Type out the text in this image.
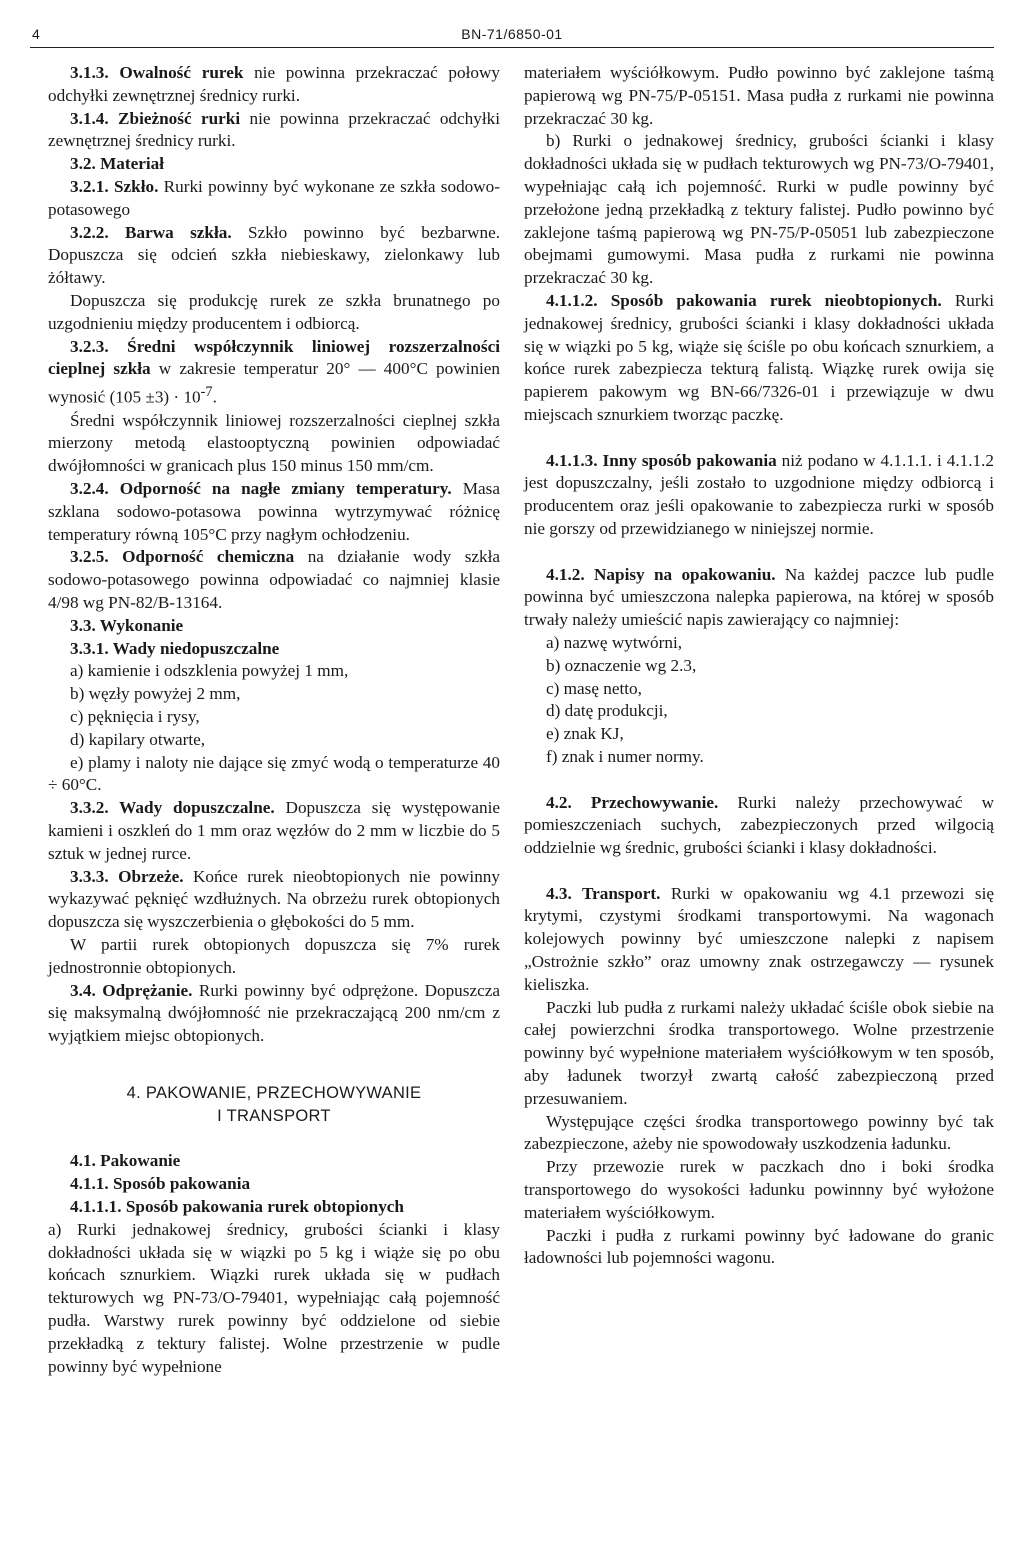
4	BN-71/6850-01

3.1.3. Owalność rurek nie powinna przekraczać połowy odchyłki zewnętrznej średnicy rurki.

3.1.4. Zbieżność rurki nie powinna przekraczać odchyłki zewnętrznej średnicy rurki.

3.2. Materiał

3.2.1. Szkło. Rurki powinny być wykonane ze szkła sodowo-potasowego

3.2.2. Barwa szkła. Szkło powinno być bezbarwne. Dopuszcza się odcień szkła niebieskawy, zielonkawy lub żółtawy.

Dopuszcza się produkcję rurek ze szkła brunatnego po uzgodnieniu między producentem i odbiorcą.

3.2.3. Średni współczynnik liniowej rozszerzalności cieplnej szkła w zakresie temperatur 20° — 400°C powinien wynosić $(105 \pm 3) \cdot 10^{-7}$.

Średni współczynnik liniowej rozszerzalności cieplnej szkła mierzony metodą elastooptyczną powinien odpowiadać dwójłomności w granicach plus 150 minus 150 mm/cm.

3.2.4. Odporność na nagłe zmiany temperatury. Masa szklana sodowo-potasowa powinna wytrzymywać różnicę temperatury równą 105°C przy nagłym ochłodzeniu.

3.2.5. Odporność chemiczna na działanie wody szkła sodowo-potasowego powinna odpowiadać co najmniej klasie 4/98 wg PN-82/B-13164.

3.3. Wykonanie

3.3.1. Wady niedopuszczalne

a) kamienie i odszklenia powyżej 1 mm,

b) węzły powyżej 2 mm,

c) pęknięcia i rysy,

d) kapilary otwarte,

e) plamy i naloty nie dające się zmyć wodą o temperaturze 40 ÷ 60°C.

3.3.2. Wady dopuszczalne. Dopuszcza się występowanie kamieni i oszkleń do 1 mm oraz węzłów do 2 mm w liczbie do 5 sztuk w jednej rurce.

3.3.3. Obrzeże. Końce rurek nieobtopionych nie powinny wykazywać pęknięć wzdłużnych. Na obrzeżu rurek obtopionych dopuszcza się wyszczerbienia o głębokości do 5 mm.

W partii rurek obtopionych dopuszcza się 7% rurek jednostronnie obtopionych.

3.4. Odprężanie. Rurki powinny być odprężone. Dopuszcza się maksymalną dwójłomność nie przekraczającą 200 nm/cm z wyjątkiem miejsc obtopionych.

4. PAKOWANIE, PRZECHOWYWANIE

I TRANSPORT

4.1. Pakowanie

4.1.1. Sposób pakowania

4.1.1.1. Sposób pakowania rurek obtopionych

a) Rurki jednakowej średnicy, grubości ścianki i klasy dokładności układa się w wiązki po 5 kg i wiąże się po obu końcach sznurkiem. Wiązki rurek układa się w pudłach tekturowych wg PN-73/O-79401, wypełniając całą pojemność pudła. Warstwy rurek powinny być oddzielone od siebie przekładką z tektury falistej. Wolne przestrzenie w pudle powinny być wypełnione

materiałem wyściółkowym. Pudło powinno być zaklejone taśmą papierową wg PN-75/P-05151. Masa pudła z rurkami nie powinna przekraczać 30 kg.

b) Rurki o jednakowej średnicy, grubości ścianki i klasy dokładności układa się w pudłach tekturowych wg PN-73/O-79401, wypełniając całą ich pojemność. Rurki w pudle powinny być przełożone jedną przekładką z tektury falistej. Pudło powinno być zaklejone taśmą papierową wg PN-75/P-05051 lub zabezpieczone obejmami gumowymi. Masa pudła z rurkami nie powinna przekraczać 30 kg.

4.1.1.2. Sposób pakowania rurek nieobtopionych. Rurki jednakowej średnicy, grubości ścianki i klasy dokładności układa się w wiązki po 5 kg, wiąże się ściśle po obu końcach sznurkiem, a końce rurek zabezpiecza tekturą falistą. Wiązkę rurek owija się papierem pakowym wg BN-66/7326-01 i przewiązuje w dwu miejscach sznurkiem tworząc paczkę.

4.1.1.3. Inny sposób pakowania niż podano w 4.1.1.1. i 4.1.1.2 jest dopuszczalny, jeśli zostało to uzgodnione między odbiorcą i producentem oraz jeśli opakowanie to zabezpiecza rurki w sposób nie gorszy od przewidzianego w niniejszej normie.

4.1.2. Napisy na opakowaniu. Na każdej paczce lub pudle powinna być umieszczona nalepka papierowa, na której w sposób trwały należy umieścić napis zawierający co najmniej:

a) nazwę wytwórni,

b) oznaczenie wg 2.3,

c) masę netto,

d) datę produkcji,

e) znak KJ,

f) znak i numer normy.

4.2. Przechowywanie. Rurki należy przechowywać w pomieszczeniach suchych, zabezpieczonych przed wilgocią oddzielnie wg średnic, grubości ścianki i klasy dokładności.

4.3. Transport. Rurki w opakowaniu wg 4.1 przewozi się krytymi, czystymi środkami transportowymi. Na wagonach kolejowych powinny być umieszczone nalepki z napisem „Ostrożnie szkło” oraz umowny znak ostrzegawczy — rysunek kieliszka.

Paczki lub pudła z rurkami należy układać ściśle obok siebie na całej powierzchni środka transportowego. Wolne przestrzenie powinny być wypełnione materiałem wyściółkowym w ten sposób, aby ładunek tworzył zwartą całość zabezpieczoną przed przesuwaniem.

Występujące części środka transportowego powinny być tak zabezpieczone, ażeby nie spowodowały uszkodzenia ładunku.

Przy przewozie rurek w paczkach dno i boki środka transportowego do wysokości ładunku powinnny być wyłożone materiałem wyściółkowym.

Paczki i pudła z rurkami powinny być ładowane do granic ładowności lub pojemności wagonu.
